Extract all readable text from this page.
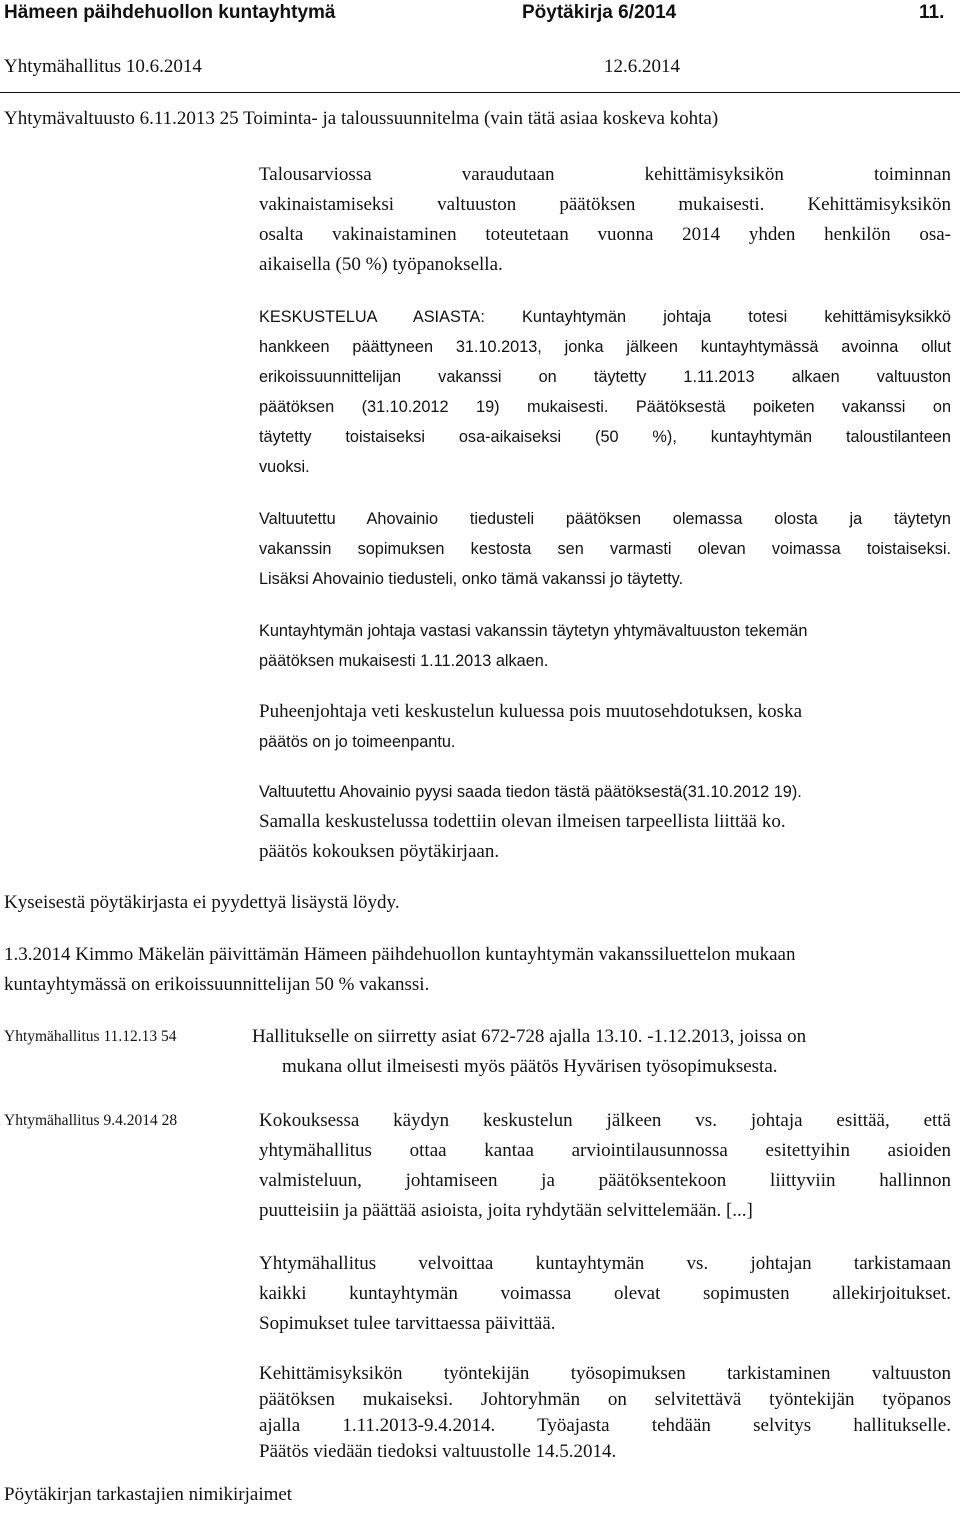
Hämeen päihdehuollon kuntayhtymä	Pöytäkirja 6/2014	11.
Yhtymähallitus 10.6.2014	12.6.2014
Yhtymävaltuusto 6.11.2013 25 Toiminta- ja taloussuunnitelma (vain tätä asiaa koskeva kohta)
Talousarviossa varaudutaan kehittämisyksikön toiminnan
vakinaistamiseksi valtuuston päätöksen mukaisesti. Kehittämisyksikön
osalta vakinaistaminen toteutetaan vuonna 2014 yhden henkilön osa-
aikaisella (50 %) työpanoksella.
KESKUSTELUA ASIASTA: Kuntayhtymän johtaja totesi kehittämisyksikkö
hankkeen päättyneen 31.10.2013, jonka jälkeen kuntayhtymässä avoinna ollut
erikoissuunnittelijan vakanssi on täytetty 1.11.2013 alkaen valtuuston
päätöksen (31.10.2012 19) mukaisesti. Päätöksestä poiketen vakanssi on
täytetty toistaiseksi osa-aikaiseksi (50 %), kuntayhtymän taloustilanteen
vuoksi.
Valtuutettu Ahovainio tiedusteli päätöksen olemassa olosta ja täytetyn
vakanssin sopimuksen kestosta sen varmasti olevan voimassa toistaiseksi.
Lisäksi Ahovainio tiedusteli, onko tämä vakanssi jo täytetty.
Kuntayhtymän johtaja vastasi vakanssin täytetyn yhtymävaltuuston tekemän
päätöksen mukaisesti 1.11.2013 alkaen.
Puheenjohtaja veti keskustelun kuluessa pois muutosehdotuksen, koska
päätös on jo toimeenpantu.
Valtuutettu Ahovainio pyysi saada tiedon tästä päätöksestä(31.10.2012 19).
Samalla keskustelussa todettiin olevan ilmeisen tarpeellista liittää ko.
päätös kokouksen pöytäkirjaan.
Kyseisestä pöytäkirjasta ei pyydettyä lisäystä löydy.
1.3.2014 Kimmo Mäkelän päivittämän Hämeen päihdehuollon kuntayhtymän vakanssiluettelon mukaan
kuntayhtymässä on erikoissuunnittelijan 50 % vakanssi.
Yhtymähallitus 11.12.13 54	Hallitukselle on siirretty asiat 672-728 ajalla 13.10. -1.12.2013, joissa on
mukana ollut ilmeisesti myös päätös Hyvärisen työsopimuksesta.
Yhtymähallitus 9.4.2014 28	Kokouksessa käydyn keskustelun jälkeen vs. johtaja esittää, että
yhtymähallitus ottaa kantaa arviointilausunnossa esitettyihin asioiden
valmisteluun, johtamiseen ja päätöksentekoon liittyviin hallinnon
puutteisiin ja päättää asioista, joita ryhdytään selvittelemään. [...]
Yhtymähallitus velvoittaa kuntayhtymän vs. johtajan tarkistamaan
kaikki kuntayhtymän voimassa olevat sopimusten allekirjoitukset.
Sopimukset tulee tarvittaessa päivittää.
Kehittämisyksikön työntekijän työsopimuksen tarkistaminen valtuuston
päätöksen mukaiseksi. Johtoryhmän on selvitettävä työntekijän työpanos
ajalla 1.11.2013-9.4.2014. Työajasta tehdään selvitys hallitukselle.
Päätös viedään tiedoksi valtuustolle 14.5.2014.
Pöytäkirjan tarkastajien nimikirjaimet
